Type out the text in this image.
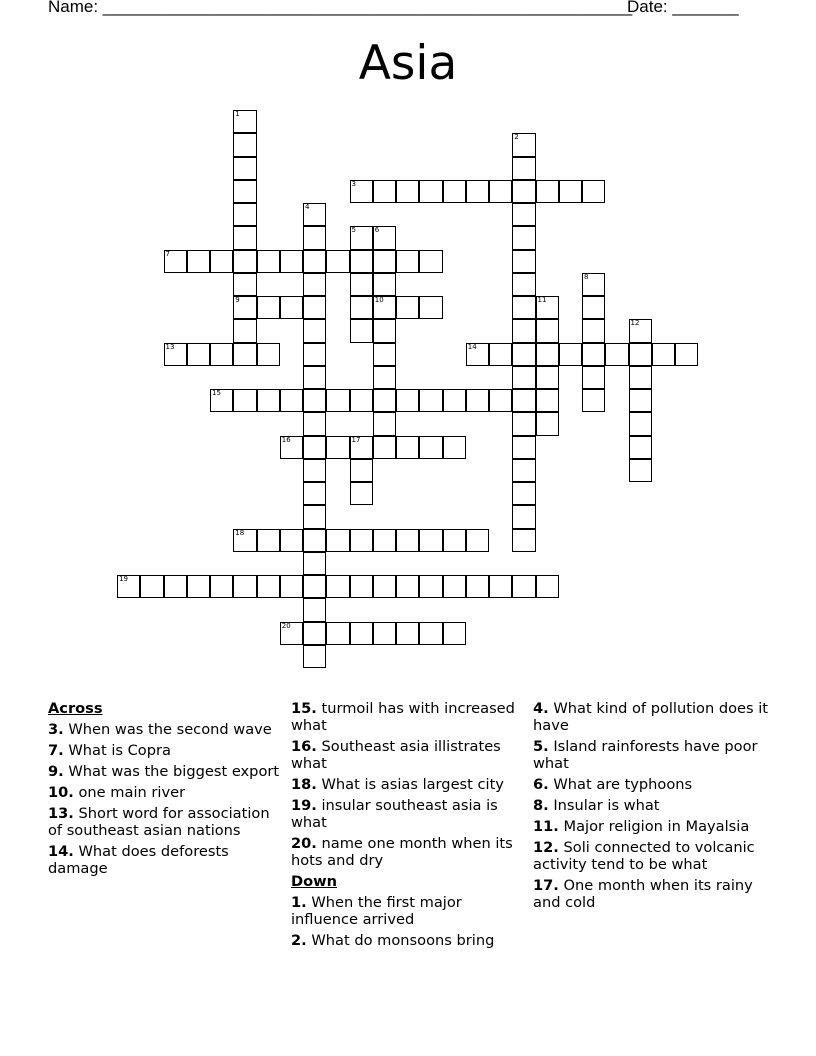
Name: ________________________________________________________
Date: _______
Asia
1
2
3
4
5	6
7
8
9	10	11
12
13	14
15
16	17
18
19
20
Across
3. When was the second wave
7. What is Copra
9. What was the biggest export
10. one main river
13. Short word for association of southeast asian nations
14. What does deforests damage
15. turmoil has with increased what
16. Southeast asia illistrates what
18. What is asias largest city
19. insular southeast asia is what
20. name one month when its hots and dry
Down
1. When the first major influence arrived
2. What do monsoons bring
4. What kind of pollution does it have
5. Island rainforests have poor what
6. What are typhoons
8. Insular is what
11. Major religion in Mayalsia
12. Soli connected to volcanic activity tend to be what
17. One month when its rainy and cold
